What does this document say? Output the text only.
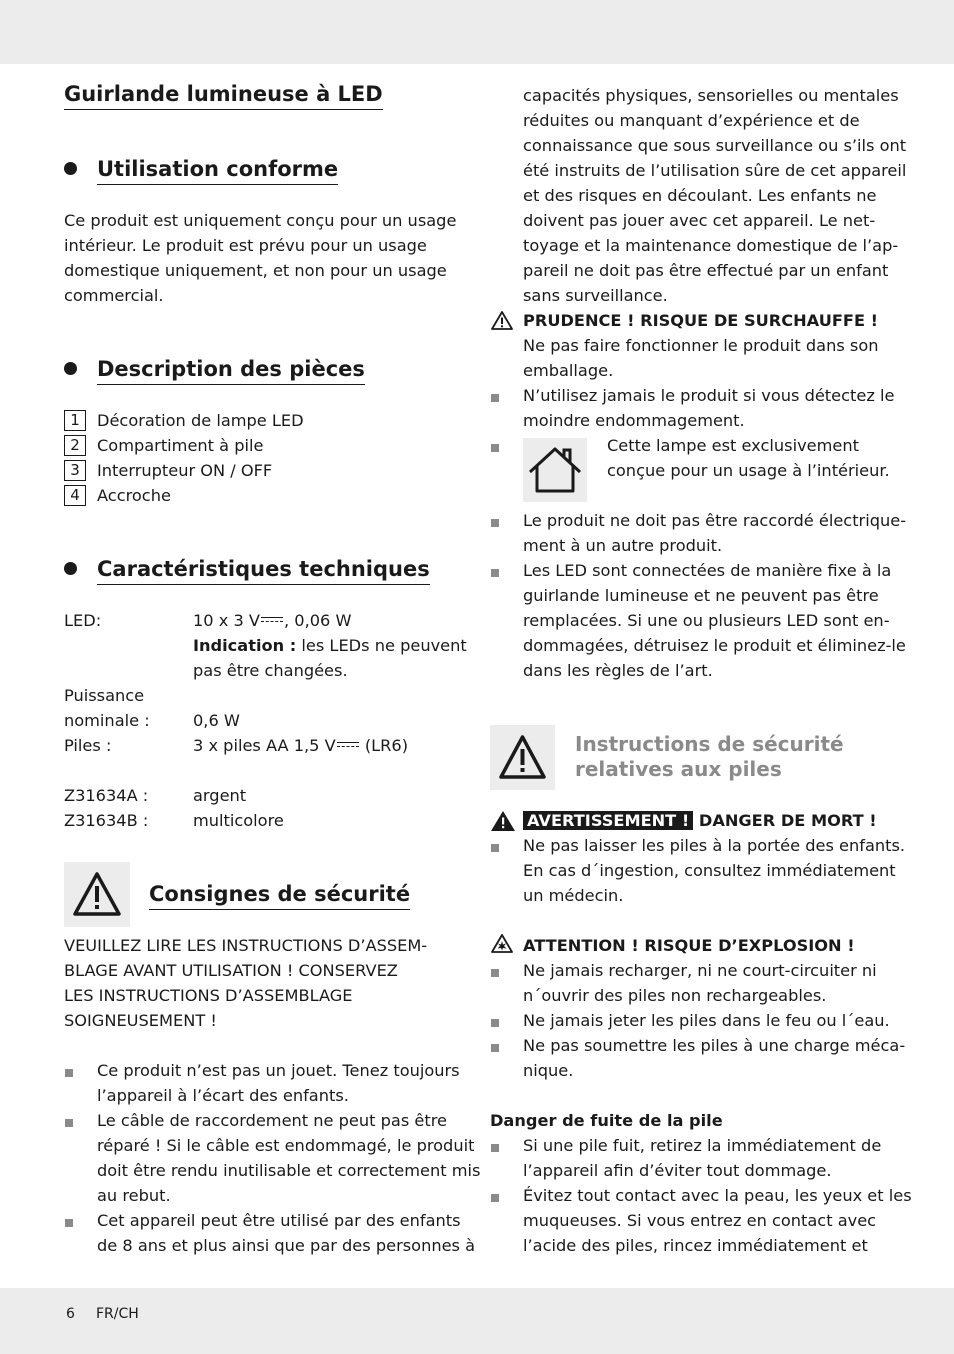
Guirlande lumineuse à LED
Utilisation conforme
Ce produit est uniquement conçu pour un usage
intérieur. Le produit est prévu pour un usage
domestique uniquement, et non pour un usage
commercial.
Description des pièces
1	Décoration de lampe LED
2	Compartiment à pile
3	Interrupteur ON / OFF
4	Accroche
Caractéristiques techniques
LED:	10 x 3 V , 0,06 W
Indication : les LEDs ne peuvent
pas être changées.
Puissance
nominale :	0,6 W
Piles :	3 x piles AA 1,5 V (LR6)
Z31634A :	argent
Z31634B :	multicolore
Consignes de sécurité
VEUILLEZ LIRE LES INSTRUCTIONS D’ASSEM-
BLAGE AVANT UTILISATION ! CONSERVEZ
LES INSTRUCTIONS D’ASSEMBLAGE
SOIGNEUSEMENT !
Ce produit n’est pas un jouet. Tenez toujours
l’appareil à l’écart des enfants.
Le câble de raccordement ne peut pas être
réparé ! Si le câble est endommagé, le produit
doit être rendu inutilisable et correctement mis
au rebut.
Cet appareil peut être utilisé par des enfants
de 8 ans et plus ainsi que par des personnes à
capacités physiques, sensorielles ou mentales
réduites ou manquant d’expérience et de
connaissance que sous surveillance ou s’ils ont
été instruits de l’utilisation sûre de cet appareil
et des risques en découlant. Les enfants ne
doivent pas jouer avec cet appareil. Le net-
toyage et la maintenance domestique de l’ap-
pareil ne doit pas être effectué par un enfant
sans surveillance.
PRUDENCE ! RISQUE DE SURCHAUFFE !
Ne pas faire fonctionner le produit dans son
emballage.
N’utilisez jamais le produit si vous détectez le
moindre endommagement.
Cette lampe est exclusivement
conçue pour un usage à l’intérieur.
Le produit ne doit pas être raccordé électrique-
ment à un autre produit.
Les LED sont connectées de manière fixe à la
guirlande lumineuse et ne peuvent pas être
remplacées. Si une ou plusieurs LED sont en-
dommagées, détruisez le produit et éliminez-le
dans les règles de l’art.
Instructions de sécurité
relatives aux piles
AVERTISSEMENT ! DANGER DE MORT !
Ne pas laisser les piles à la portée des enfants.
En cas d´ingestion, consultez immédiatement
un médecin.
ATTENTION ! RISQUE D’EXPLOSION !
Ne jamais recharger, ni ne court-circuiter ni
n´ouvrir des piles non rechargeables.
Ne jamais jeter les piles dans le feu ou l´eau.
Ne pas soumettre les piles à une charge méca-
nique.
Danger de fuite de la pile
Si une pile fuit, retirez la immédiatement de
l’appareil afin d’éviter tout dommage.
Évitez tout contact avec la peau, les yeux et les
muqueuses. Si vous entrez en contact avec
l’acide des piles, rincez immédiatement et
6 FR/CH
